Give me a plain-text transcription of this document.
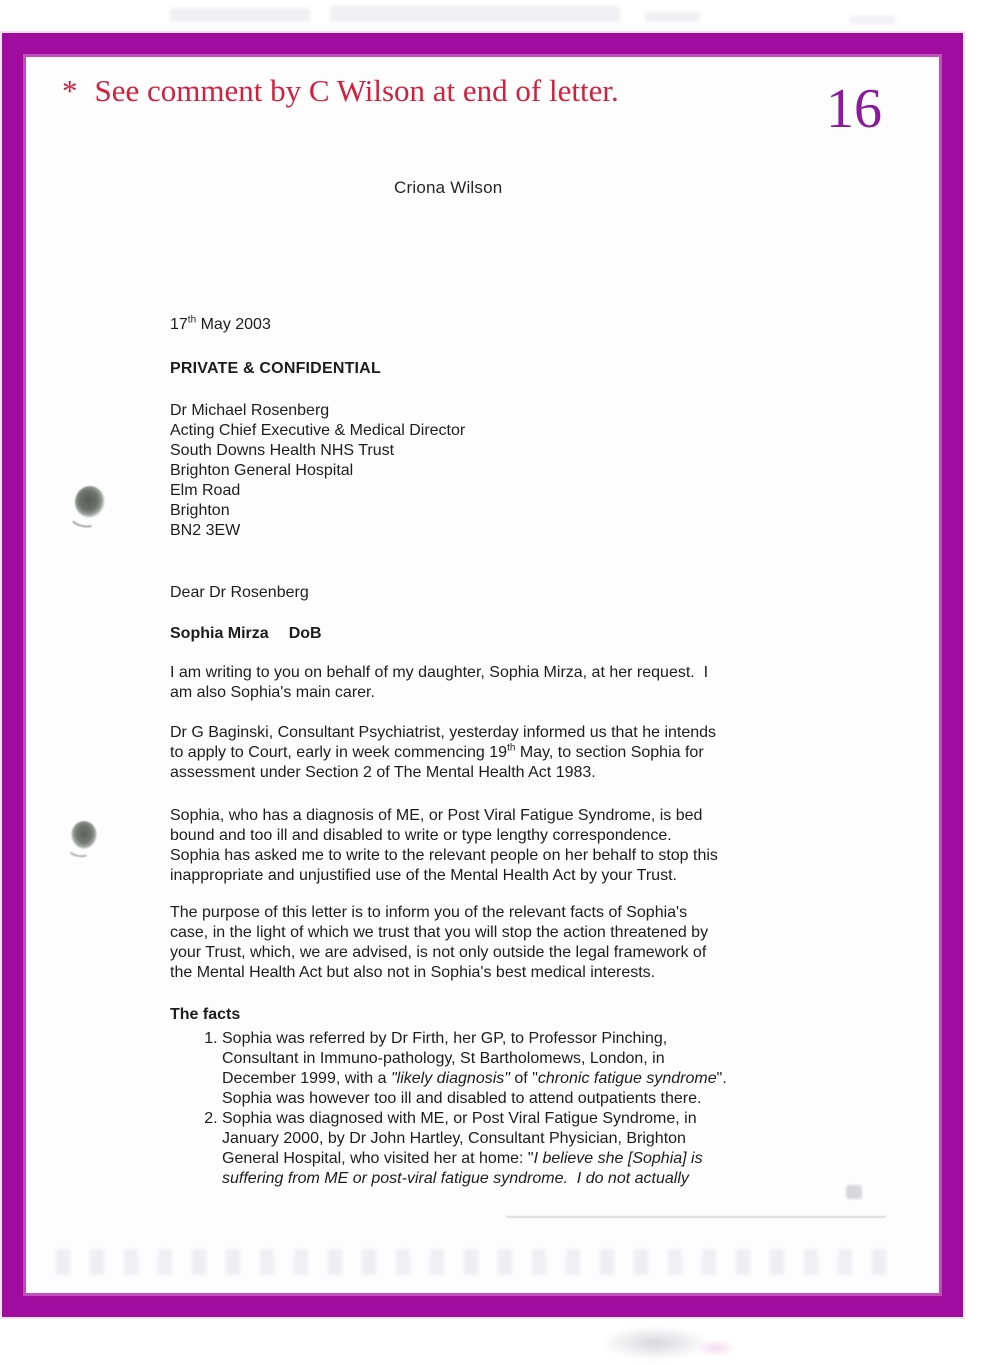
* See comment by C Wilson at end of letter.	16
Criona Wilson
17th May 2003
PRIVATE & CONFIDENTIAL
Dr Michael Rosenberg
Acting Chief Executive & Medical Director
South Downs Health NHS Trust
Brighton General Hospital
Elm Road
Brighton
BN2 3EW
Dear Dr Rosenberg
Sophia Mirza DoB
I am writing to you on behalf of my daughter, Sophia Mirza, at her request.  I
am also Sophia's main carer.
Dr G Baginski, Consultant Psychiatrist, yesterday informed us that he intends
to apply to Court, early in week commencing 19th May, to section Sophia for
assessment under Section 2 of The Mental Health Act 1983.
Sophia, who has a diagnosis of ME, or Post Viral Fatigue Syndrome, is bed
bound and too ill and disabled to write or type lengthy correspondence.
Sophia has asked me to write to the relevant people on her behalf to stop this
inappropriate and unjustified use of the Mental Health Act by your Trust.
The purpose of this letter is to inform you of the relevant facts of Sophia's
case, in the light of which we trust that you will stop the action threatened by
your Trust, which, we are advised, is not only outside the legal framework of
the Mental Health Act but also not in Sophia's best medical interests.
The facts
1. Sophia was referred by Dr Firth, her GP, to Professor Pinching,
Consultant in Immuno-pathology, St Bartholomews, London, in
December 1999, with a "likely diagnosis" of "chronic fatigue syndrome".
Sophia was however too ill and disabled to attend outpatients there.
2. Sophia was diagnosed with ME, or Post Viral Fatigue Syndrome, in
January 2000, by Dr John Hartley, Consultant Physician, Brighton
General Hospital, who visited her at home: "I believe she [Sophia] is
suffering from ME or post-viral fatigue syndrome.  I do not actually
